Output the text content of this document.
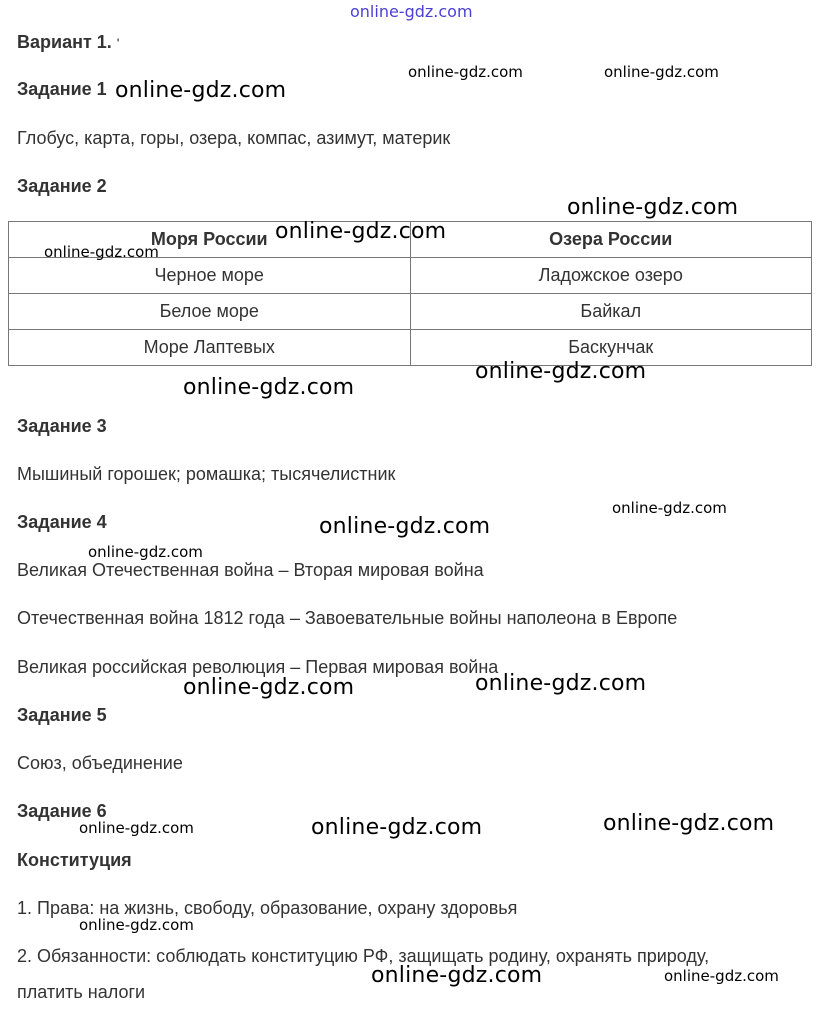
online-gdz.com
Вариант 1. '
Задание 1
Глобус, карта, горы, озера, компас, азимут, материк
Задание 2
Моря России	Озера России
Черное море	Ладожское озеро
Белое море	Байкал
Море Лаптевых	Баскунчак
Задание 3
Мышиный горошек; ромашка; тысячелистник
Задание 4
Великая Отечественная война – Вторая мировая война
Отечественная война 1812 года – Завоевательные войны наполеона в Европе
Великая российская революция – Первая мировая война
Задание 5
Союз, объединение
Задание 6
Конституция
1. Права: на жизнь, свободу, образование, охрану здоровья
2. Обязанности: соблюдать конституцию РФ, защищать родину, охранять природу,
платить налоги
online-gdz.com
online-gdz.com	online-gdz.com
online-gdz.com
online-gdz.com
online-gdz.com
online-gdz.com
online-gdz.com
online-gdz.com
online-gdz.com
online-gdz.com
online-gdz.com
online-gdz.com
online-gdz.com
online-gdz.com
online-gdz.com
online-gdz.com
online-gdz.com	online-gdz.com
